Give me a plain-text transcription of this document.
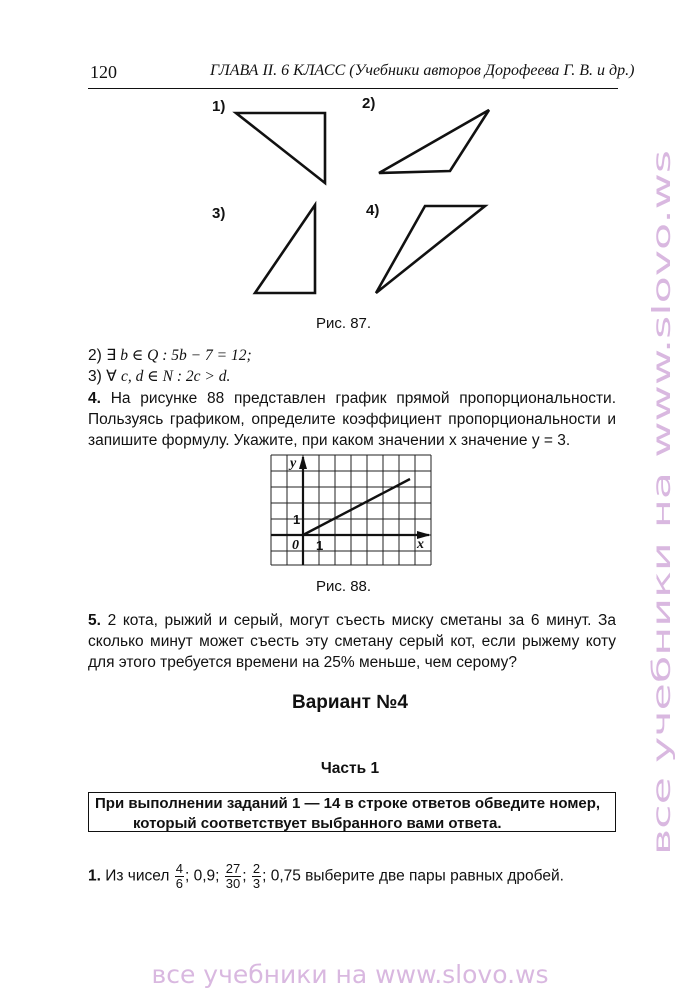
120	ГЛАВА II. 6 КЛАСС (Учебники авторов Дорофеева Г. В. и др.)
1)	2)
3)	4)
Рис. 87.
2) ∃ b ∈ Q : 5b − 7 = 12;
3) ∀ c, d ∈ N : 2c > d.
4. На рисунке 88 представлен график прямой пропорциональности. Пользуясь графиком, определите коэффициент пропорциональности и запишите формулу. Укажите, при каком значении x значение y = 3.
y
x
0 1
1
Рис. 88.
5. 2 кота, рыжий и серый, могут съесть миску сметаны за 6 минут. За сколько минут может съесть эту сметану серый кот, если рыжему коту для этого требуется времени на 25% меньше, чем серому?
Вариант №4
Часть 1
При выполнении заданий 1 — 14 в строке ответов обведите номер,
который соответствует выбранного вами ответа.
1. Из чисел $\frac{4}{6}$ ; 0,9; $\frac{27}{30}$ ; $\frac{2}{3}$ ; 0,75 выберите две пары равных дробей.
все учебники на www.slovo.ws
все учебники на www.slovo.ws
